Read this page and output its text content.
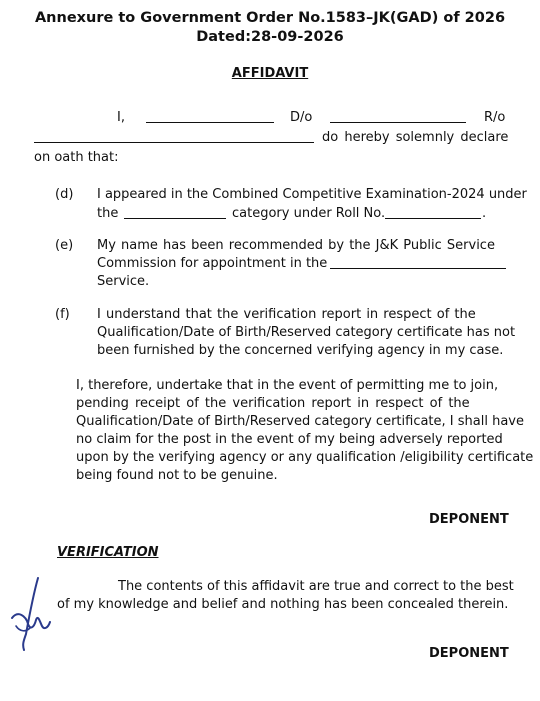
Annexure to Government Order No.1583–JK(GAD) of 2026
Dated:28-09-2026
AFFIDAVIT
I,	D/o	R/o
do hereby solemnly declare
on oath that:
(d) I appeared in the Combined Competitive Examination-2024 under
the	category under Roll No.	.
(e) My name has been recommended by the J&K Public Service
Commission for appointment in the
Service.
(f) I understand that the verification report in respect of the
Qualification/Date of Birth/Reserved category certificate has not
been furnished by the concerned verifying agency in my case.
I, therefore, undertake that in the event of permitting me to join,
pending receipt of the verification report in respect of the
Qualification/Date of Birth/Reserved category certificate, I shall have
no claim for the post in the event of my being adversely reported
upon by the verifying agency or any qualification /eligibility certificate
being found not to be genuine.
DEPONENT
VERIFICATION
The contents of this affidavit are true and correct to the best
of my knowledge and belief and nothing has been concealed therein.
DEPONENT
